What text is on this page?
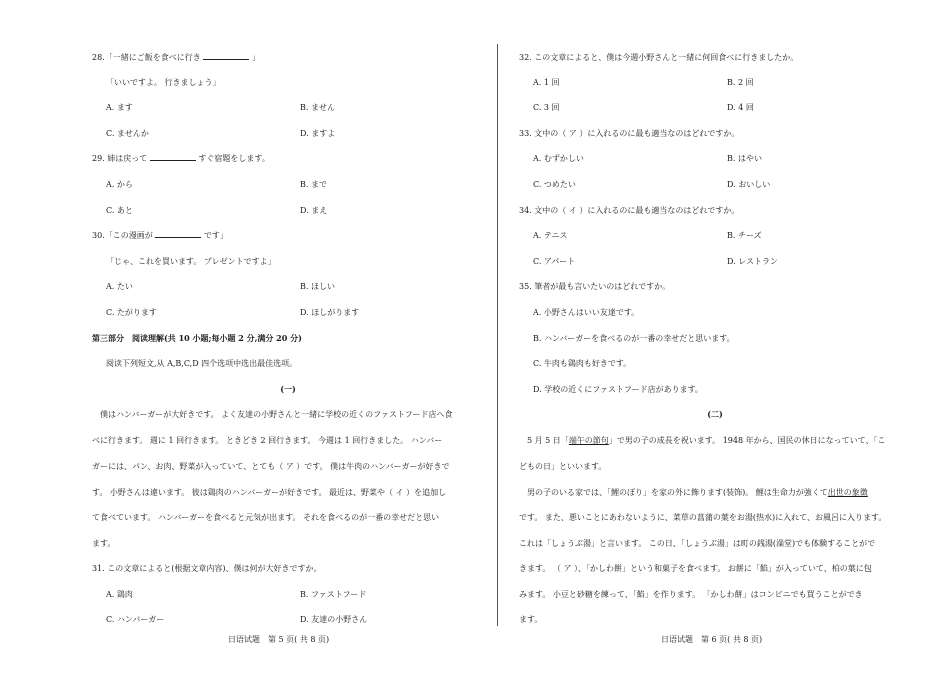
28.「一緒にご飯を食べに行き	」
「いいですよ。 行きましょう」
A. ます	B. ません
C. ませんか	D. ますよ
29. 姉は戻って	すぐ宿題をします。
A. から	B. まで
C. あと	D. まえ
30.「この漫画が	です」
「じゃ、これを買います。 プレゼントですよ」
A. たい	B. ほしい
C. たがります	D. ほしがります
第三部分　阅读理解(共 10 小题;每小题 2 分,满分 20 分)
阅读下列短文,从 A,B,C,D 四个选项中选出最佳选项。
(一)
僕はハンバーガーが大好きです。 よく友達の小野さんと一緒に学校の近くのファストフード店へ食
べに行きます。 週に 1 回行きます。 ときどき 2 回行きます。 今週は 1 回行きました。 ハンバー
ガーには、パン、お肉、野菜が入っていて、とても（ ア ）です。 僕は牛肉のハンバーガーが好きで
す。 小野さんは違います。 彼は鶏肉のハンバーガーが好きです。 最近は、野菜や（ イ ）を追加し
て食べています。 ハンバーガーを食べると元気が出ます。 それを食べるのが一番の幸せだと思い
ます。
31. この文章によると(根据文章内容)、僕は何が大好きですか。
A. 鶏肉	B. ファストフード
C. ハンバーガー	D. 友達の小野さん
日语试题　第 5 页( 共 8 页)
32. この文章によると、僕は今週小野さんと一緒に何回食べに行きましたか。
A. 1 回	B. 2 回
C. 3 回	D. 4 回
33. 文中の（ ア ）に入れるのに最も適当なのはどれですか。
A. むずかしい	B. はやい
C. つめたい	D. おいしい
34. 文中の（ イ ）に入れるのに最も適当なのはどれですか。
A. テニス	B. チーズ
C. アパート	D. レストラン
35. 筆者が最も言いたいのはどれですか。
A. 小野さんはいい友達です。
B. ハンバーガーを食べるのが一番の幸せだと思います。
C. 牛肉も鶏肉も好きです。
D. 学校の近くにファストフード店があります。
(二)
5 月 5 日「端午の節句」で男の子の成長を祝います。 1948 年から、国民の休日になっていて、「こ
どもの日」といいます。
男の子のいる家では、「鯉のぼり」を家の外に飾ります(装饰)。 鯉は生命力が強くて出世の象徴
です。 また、悪いことにあわないように、菜草の菖蒲の葉をお湯(热水)に入れて、お風呂に入ります。
これは「しょうぶ湯」と言います。 この日、「しょうぶ湯」は町の銭湯(澡堂)でも体験することがで
きます。 （ ア ）、「かしわ餅」という和菓子を食べます。 お餅に「餡」が入っていて、柏の葉に包
みます。 小豆と砂糖を練って、「餡」を作ります。 「かしわ餅」はコンビニでも買うことができ
ます。
日语试题　第 6 页( 共 8 页)
